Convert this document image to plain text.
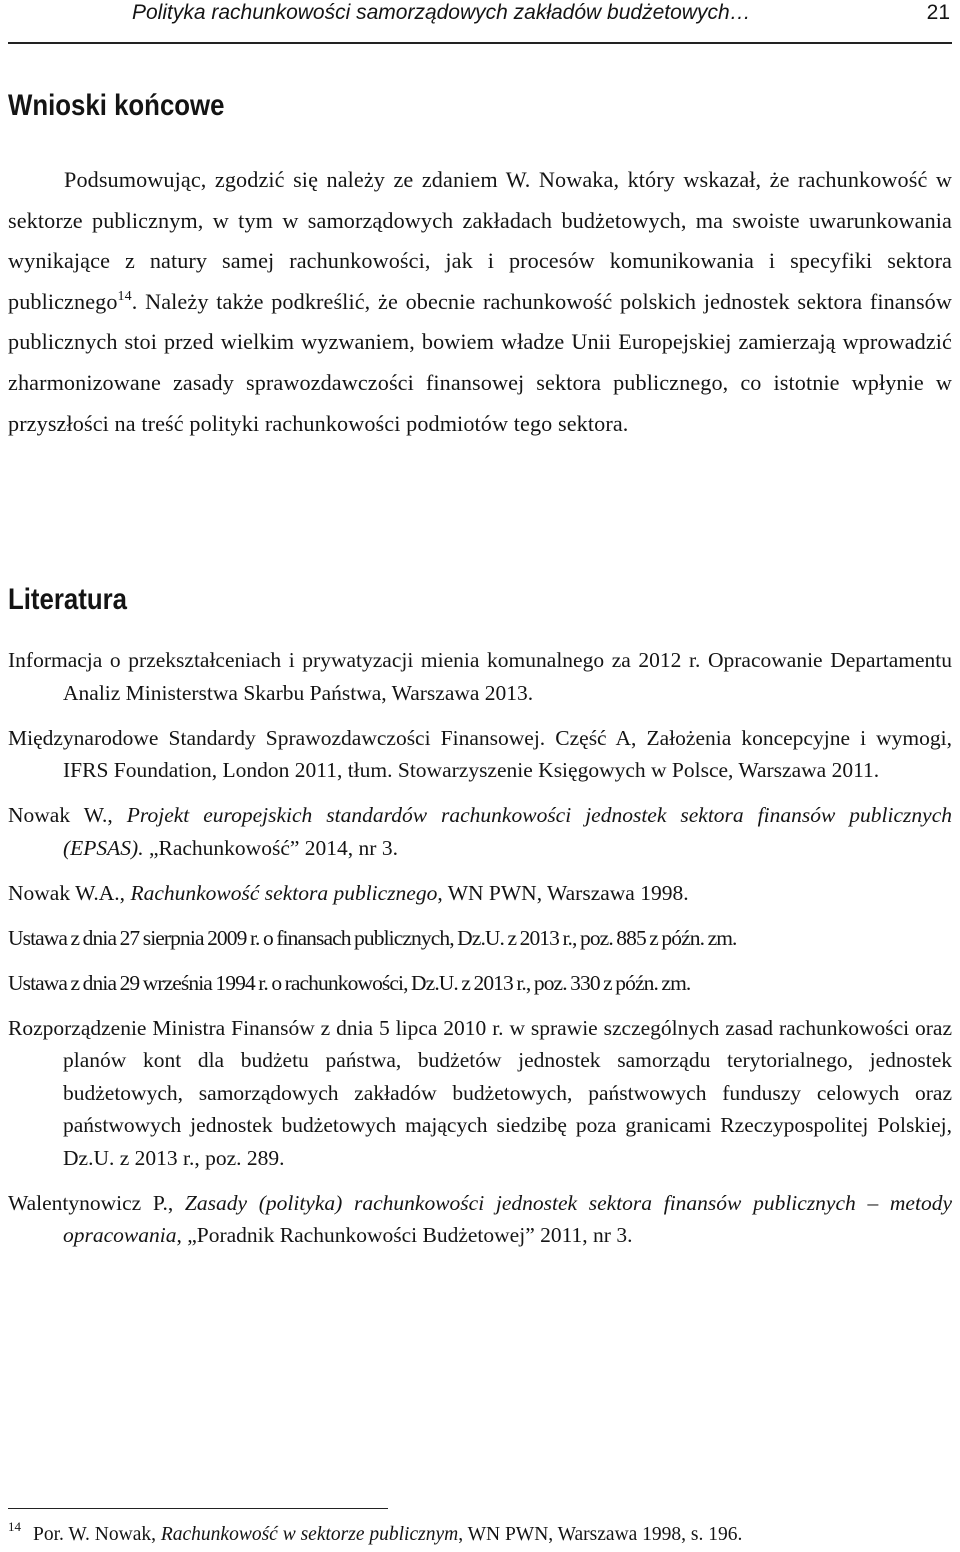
Polityka rachunkowości samorządowych zakładów budżetowych…	21
Wnioski końcowe

Podsumowując, zgodzić się należy ze zdaniem W. Nowaka, który wskazał, że rachunkowość w sektorze publicznym, w tym w samorządowych zakładach budżetowych, ma swoiste uwarunkowania wynikające z natury samej rachunkowości, jak i procesów komunikowania i specyfiki sektora publicznego$^{14}$. Należy także podkreślić, że obecnie rachunkowość polskich jednostek sektora finansów publicznych stoi przed wielkim wyzwaniem, bowiem władze Unii Europejskiej zamierzają wprowadzić zharmonizowane zasady sprawozdawczości finansowej sektora publicznego, co istotnie wpłynie w przyszłości na treść polityki rachunkowości podmiotów tego sektora.

Literatura

Informacja o przekształceniach i prywatyzacji mienia komunalnego za 2012 r. Opracowanie Departamentu Analiz Ministerstwa Skarbu Państwa, Warszawa 2013.

Międzynarodowe Standardy Sprawozdawczości Finansowej. Część A, Założenia koncepcyjne i wymogi, IFRS Foundation, London 2011, tłum. Stowarzyszenie Księgowych w Polsce, Warszawa 2011.

Nowak W., Projekt europejskich standardów rachunkowości jednostek sektora finansów publicznych (EPSAS). „Rachunkowość” 2014, nr 3.

Nowak W.A., Rachunkowość sektora publicznego, WN PWN, Warszawa 1998.

Ustawa z dnia 27 sierpnia 2009 r. o finansach publicznych, Dz.U. z 2013 r., poz. 885 z późn. zm.

Ustawa z dnia 29 września 1994 r. o rachunkowości, Dz.U. z 2013 r., poz. 330 z późn. zm.

Rozporządzenie Ministra Finansów z dnia 5 lipca 2010 r. w sprawie szczególnych zasad rachunkowości oraz planów kont dla budżetu państwa, budżetów jednostek samorządu terytorialnego, jednostek budżetowych, samorządowych zakładów budżetowych, państwowych funduszy celowych oraz państwowych jednostek budżetowych mających siedzibę poza granicami Rzeczypospolitej Polskiej, Dz.U. z 2013 r., poz. 289.

Walentynowicz P., Zasady (polityka) rachunkowości jednostek sektora finansów publicznych – metody opracowania, „Poradnik Rachunkowości Budżetowej” 2011, nr 3.

$^{14}$ Por. W. Nowak, Rachunkowość w sektorze publicznym, WN PWN, Warszawa 1998, s. 196.
